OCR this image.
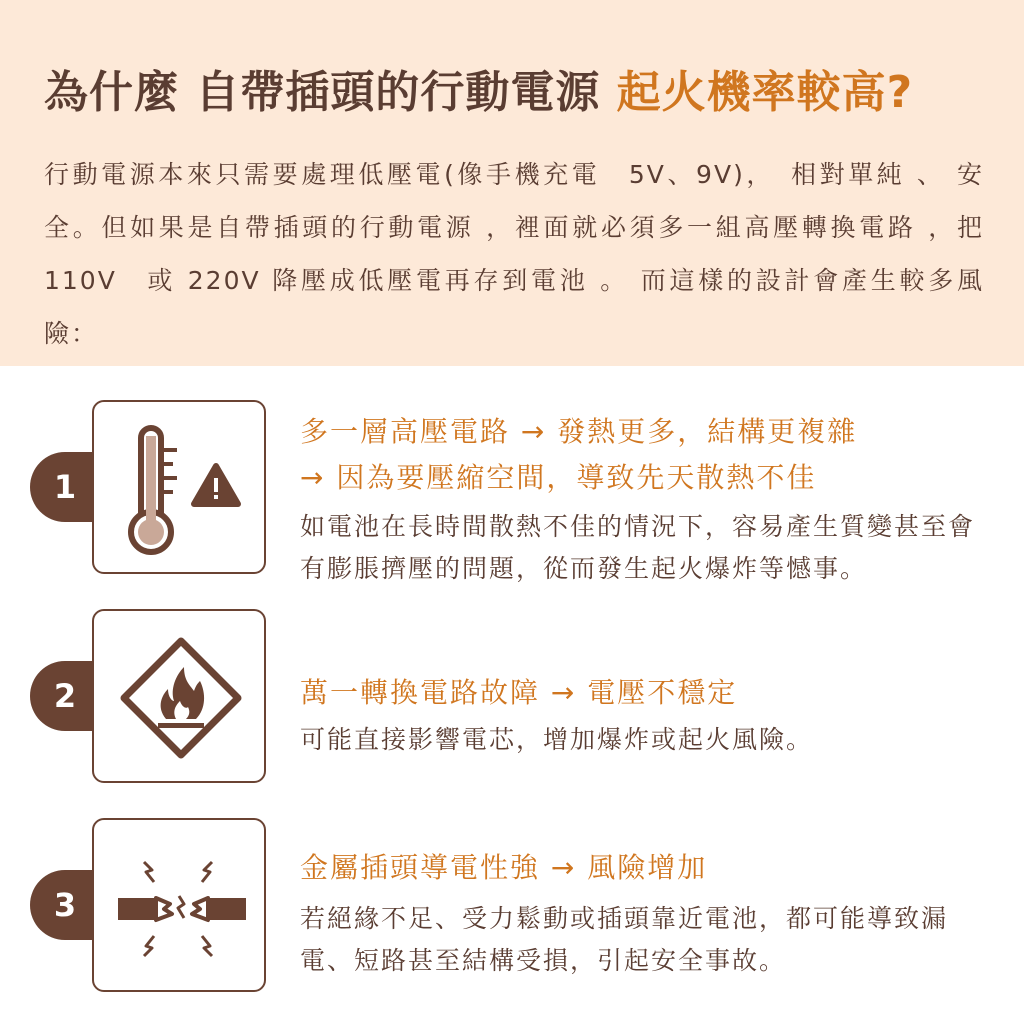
為什麼 自帶插頭的行動電源 起火機率較高?
行動電源本來只需要處理低壓電(像手機充電　5V、9V)，　相對單純 、 安全。但如果是自帶插頭的行動電源 ，裡面就必須多一組高壓轉換電路 ，把 110V　或 220V 降壓成低壓電再存到電池 。 而這樣的設計會產生較多風險：
1
多一層高壓電路 → 發熱更多，結構更複雜
→ 因為要壓縮空間，導致先天散熱不佳
如電池在長時間散熱不佳的情況下，容易產生質變甚至會有膨脹擠壓的問題，從而發生起火爆炸等憾事。
2	萬一轉換電路故障 → 電壓不穩定
可能直接影響電芯，增加爆炸或起火風險。
3
金屬插頭導電性強 → 風險增加
若絕緣不足、受力鬆動或插頭靠近電池，都可能導致漏電、短路甚至結構受損，引起安全事故。
